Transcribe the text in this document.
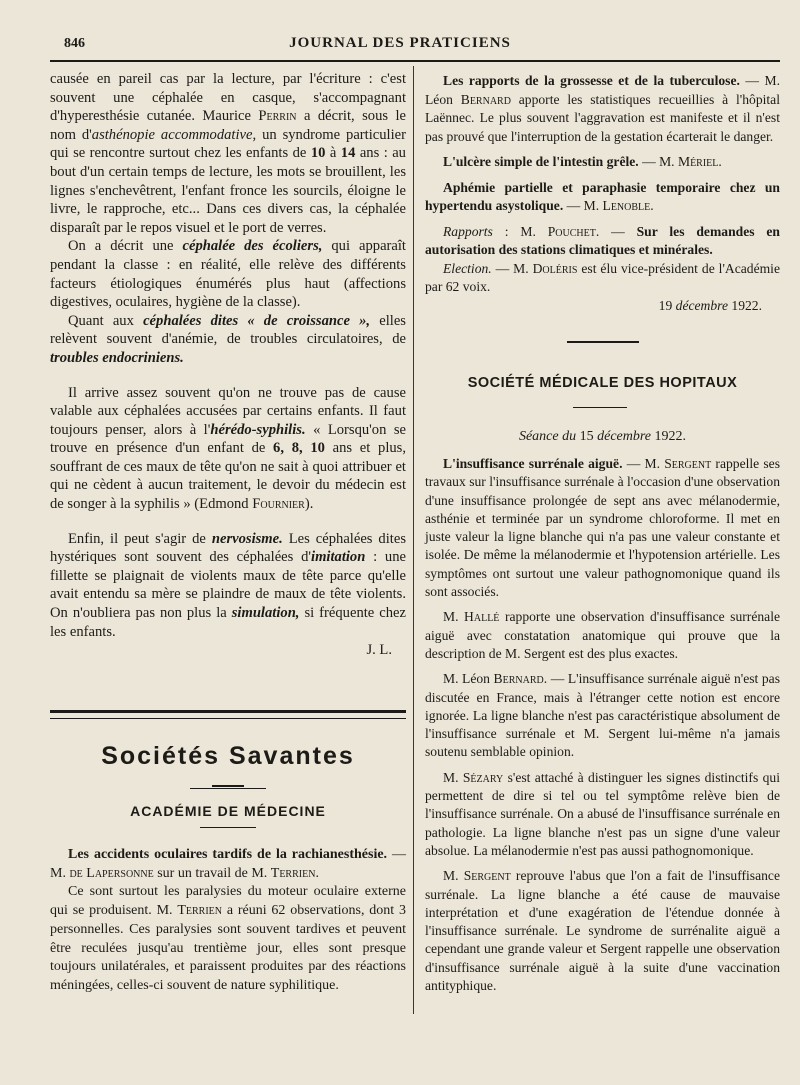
846	JOURNAL DES PRATICIENS

causée en pareil cas par la lecture, par l'écriture : c'est souvent une céphalée en casque, s'accompagnant d'hyperesthésie cutanée. Maurice Perrin a décrit, sous le nom d'asthénopie accommodative, un syndrome particulier qui se rencontre surtout chez les enfants de 10 à 14 ans : au bout d'un certain temps de lecture, les mots se brouillent, les lignes s'enchevêtrent, l'enfant fronce les sourcils, éloigne le livre, le rapproche, etc... Dans ces divers cas, la céphalée disparaît par le repos visuel et le port de verres.

On a décrit une céphalée des écoliers, qui apparaît pendant la classe : en réalité, elle relève des différents facteurs étiologiques énumérés plus haut (affections digestives, oculaires, hygiène de la classe).

Quant aux céphalées dites « de croissance », elles relèvent souvent d'anémie, de troubles circulatoires, de troubles endocriniens.

Il arrive assez souvent qu'on ne trouve pas de cause valable aux céphalées accusées par certains enfants. Il faut toujours penser, alors à l'hérédo-syphilis. « Lorsqu'on se trouve en présence d'un enfant de 6, 8, 10 ans et plus, souffrant de ces maux de tête qu'on ne sait à quoi attribuer et qui ne cèdent à aucun traitement, le devoir du médecin est de songer à la syphilis » (Edmond Fournier).

Enfin, il peut s'agir de nervosisme. Les céphalées dites hystériques sont souvent des céphalées d'imitation : une fillette se plaignait de violents maux de tête parce qu'elle avait entendu sa mère se plaindre de maux de tête violents. On n'oubliera pas non plus la simulation, si fréquente chez les enfants.

J. L.

Sociétés Savantes
ACADÉMIE DE MÉDECINE

Les accidents oculaires tardifs de la rachianesthésie. — M. de Lapersonne sur un travail de M. Terrien.

Ce sont surtout les paralysies du moteur oculaire externe qui se produisent. M. Terrien a réuni 62 observations, dont 3 personnelles. Ces paralysies sont souvent tardives et peuvent être reculées jusqu'au trentième jour, elles sont presque toujours unilatérales, et paraissent produites par des réactions méningées, celles-ci souvent de nature syphilitique.

Les rapports de la grossesse et de la tuberculose. — M. Léon Bernard apporte les statistiques recueillies à l'hôpital Laënnec. Le plus souvent l'aggravation est manifeste et il n'est pas prouvé que l'interruption de la gestation écarterait le danger.

L'ulcère simple de l'intestin grêle. — M. Mériel.

Aphémie partielle et paraphasie temporaire chez un hypertendu asystolique. — M. Lenoble.

Rapports : M. Pouchet. — Sur les demandes en autorisation des stations climatiques et minérales.

Election. — M. Doléris est élu vice-président de l'Académie par 62 voix.

19 décembre 1922.

SOCIÉTÉ MÉDICALE DES HOPITAUX
Séance du 15 décembre 1922.

L'insuffisance surrénale aiguë. — M. Sergent rappelle ses travaux sur l'insuffisance surrénale à l'occasion d'une observation d'une insuffisance prolongée de sept ans avec mélanodermie, asthénie et terminée par un syndrome chloroforme. Il met en juste valeur la ligne blanche qui n'a pas une valeur constante et isolée. De même la mélanodermie et l'hypotension artérielle. Les symptômes ont surtout une valeur pathognomonique quand ils sont associés.

M. Hallé rapporte une observation d'insuffisance surrénale aiguë avec constatation anatomique qui prouve que la description de M. Sergent est des plus exactes.

M. Léon Bernard. — L'insuffisance surrénale aiguë n'est pas discutée en France, mais à l'étranger cette notion est encore ignorée. La ligne blanche n'est pas caractéristique absolument de l'insuffisance surrénale et M. Sergent lui-même n'a jamais soutenu semblable opinion.

M. Sézary s'est attaché à distinguer les signes distinctifs qui permettent de dire si tel ou tel symptôme relève bien de l'insuffisance surrénale. On a abusé de l'insuffisance surrénale en pathologie. La ligne blanche n'est pas un signe d'une valeur absolue. La mélanodermie n'est pas aussi pathognomonique.

M. Sergent reprouve l'abus que l'on a fait de l'insuffisance surrénale. La ligne blanche a été cause de mauvaise interprétation et d'une exagération de l'étendue donnée à l'insuffisance surrénale. Le syndrome de surrénalite aiguë a cependant une grande valeur et Sergent rappelle une observation d'insuffisance surrénale aiguë à la suite d'une vaccination antityphique.
